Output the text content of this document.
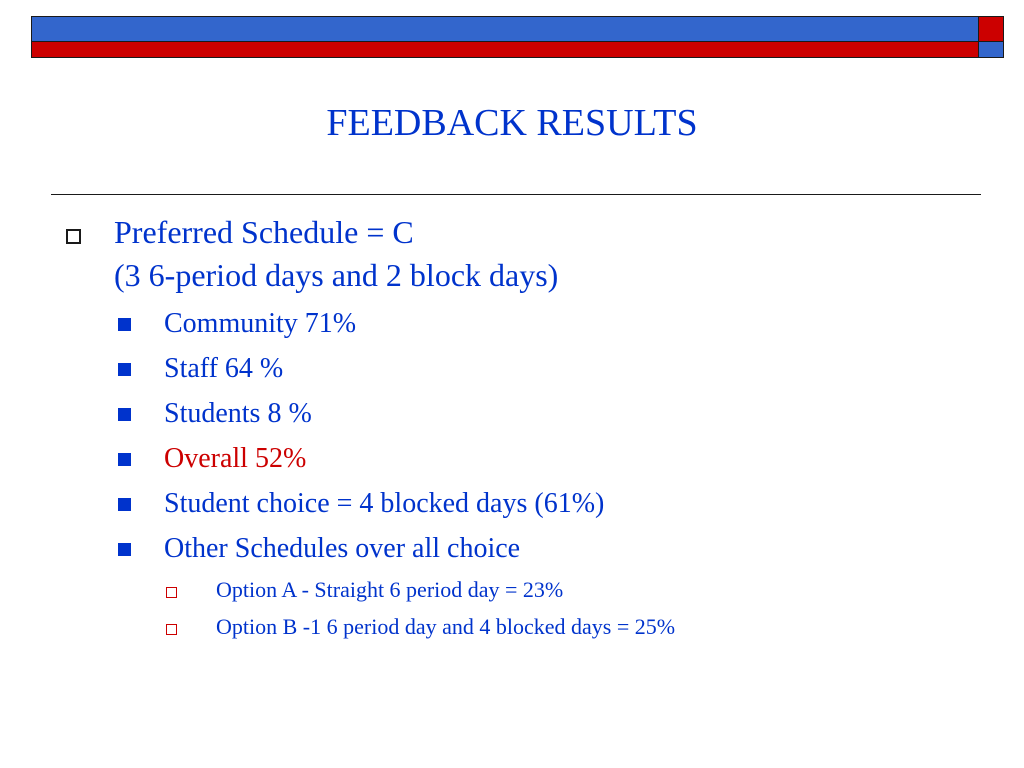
FEEDBACK RESULTS
Preferred Schedule = C
(3 6-period days and 2 block days)
Community 71%
Staff 64 %
Students 8 %
Overall 52%
Student choice = 4 blocked days (61%)
Other Schedules over all choice
Option A - Straight 6 period day = 23%
Option B -1 6 period day and 4 blocked days = 25%
